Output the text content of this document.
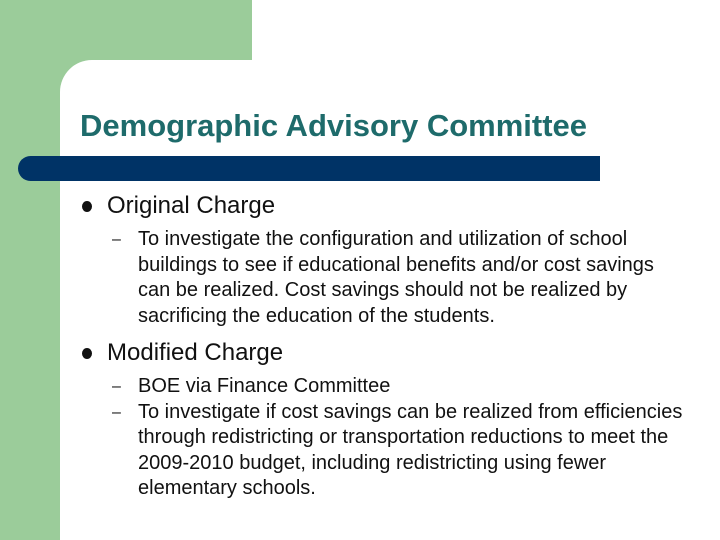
Demographic Advisory Committee
Original Charge
– To investigate the configuration and utilization of school buildings to see if educational benefits and/or cost savings can be realized. Cost savings should not be realized by sacrificing the education of the students.
Modified Charge
– BOE via Finance Committee
– To investigate if cost savings can be realized from efficiencies through redistricting or transportation reductions to meet the 2009-2010 budget, including redistricting using fewer elementary schools.
